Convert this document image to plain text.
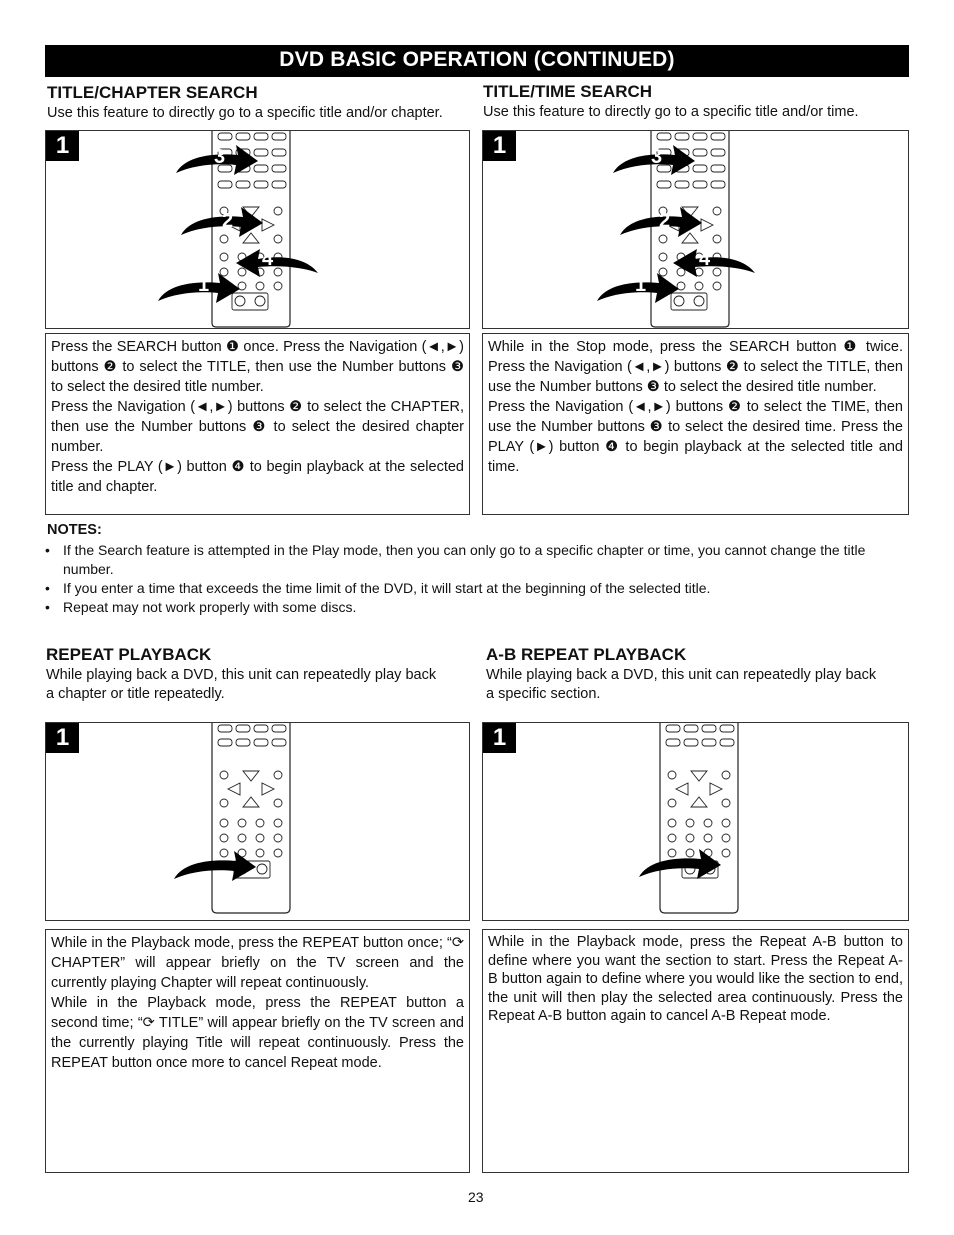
DVD BASIC OPERATION (CONTINUED)
TITLE/CHAPTER SEARCH
Use this feature to directly go to a specific title and/or chapter.
1	3
2
4
1

Press the SEARCH button ❶ once. Press the Navigation (◄,►) buttons ❷ to select the TITLE, then use the Number buttons ❸ to select the desired title number.

Press the Navigation (◄,►) buttons ❷ to select the CHAPTER, then use the Number buttons ❸ to select the desired chapter number.

Press the PLAY (►) button ❹ to begin playback at the selected title and chapter.

TITLE/TIME SEARCH
Use this feature to directly go to a specific title and/or time.
1	3
2
4
1

While in the Stop mode, press the SEARCH button ❶ twice. Press the Navigation (◄,►) buttons ❷ to select the TITLE, then use the Number buttons ❸ to select the desired title number.

Press the Navigation (◄,►) buttons ❷ to select the TIME, then use the Number buttons ❸ to select the desired time. Press the PLAY (►) button ❹ to begin playback at the selected title and time.

NOTES:
• If the Search feature is attempted in the Play mode, then you can only go to a specific chapter or time, you cannot change the title number.
• If you enter a time that exceeds the time limit of the DVD, it will start at the beginning of the selected title.
• Repeat may not work properly with some discs.
REPEAT PLAYBACK
While playing back a DVD, this unit can repeatedly play back a chapter or title repeatedly.
1

While in the Playback mode, press the REPEAT button once; “⟳ CHAPTER” will appear briefly on the TV screen and the currently playing Chapter will repeat continuously.

While in the Playback mode, press the REPEAT button a second time; “⟳ TITLE” will appear briefly on the TV screen and the currently playing Title will repeat continuously. Press the REPEAT button once more to cancel Repeat mode.

A-B REPEAT PLAYBACK
While playing back a DVD, this unit can repeatedly play back a specific section.
1

While in the Playback mode, press the Repeat A-B button to define where you want the section to start. Press the Repeat A-B button again to define where you would like the section to end, the unit will then play the selected area continuously. Press the Repeat A-B button again to cancel A-B Repeat mode.

23
